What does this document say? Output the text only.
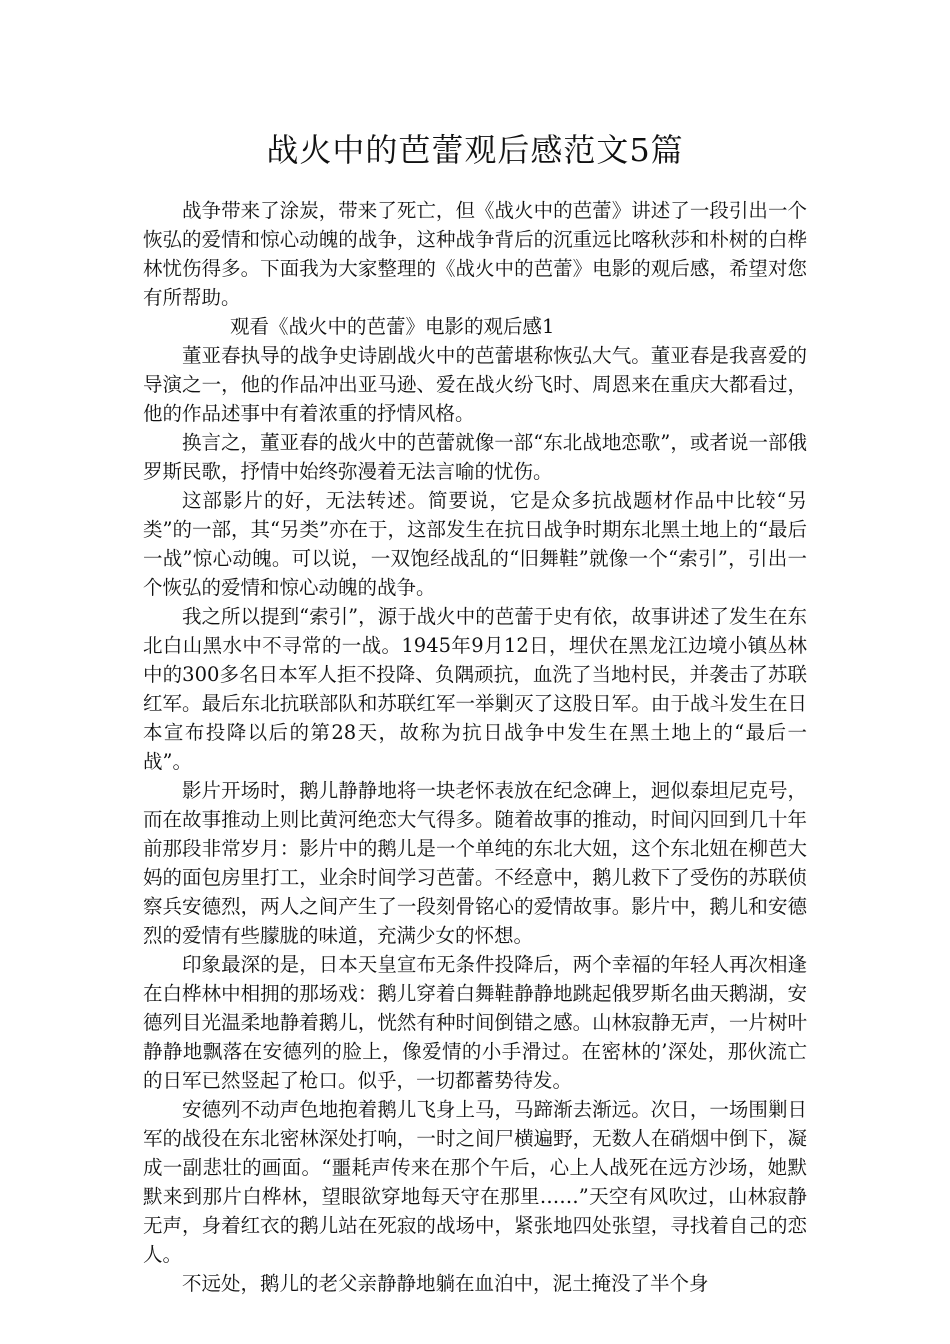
战火中的芭蕾观后感范文5篇

战争带来了涂炭，带来了死亡，但《战火中的芭蕾》讲述了一段引出一个恢弘的爱情和惊心动魄的战争，这种战争背后的沉重远比喀秋莎和朴树的白桦林忧伤得多。下面我为大家整理的《战火中的芭蕾》电影的观后感，希望对您有所帮助。

观看《战火中的芭蕾》电影的观后感1

董亚春执导的战争史诗剧战火中的芭蕾堪称恢弘大气。董亚春是我喜爱的导演之一，他的作品冲出亚马逊、爱在战火纷飞时、周恩来在重庆大都看过，他的作品述事中有着浓重的抒情风格。

换言之，董亚春的战火中的芭蕾就像一部“东北战地恋歌”，或者说一部俄罗斯民歌，抒情中始终弥漫着无法言喻的忧伤。

这部影片的好，无法转述。简要说，它是众多抗战题材作品中比较“另类”的一部，其“另类”亦在于，这部发生在抗日战争时期东北黑土地上的“最后一战”惊心动魄。可以说，一双饱经战乱的“旧舞鞋”就像一个“索引”，引出一个恢弘的爱情和惊心动魄的战争。

我之所以提到“索引”，源于战火中的芭蕾于史有依，故事讲述了发生在东北白山黑水中不寻常的一战。1945年9月12日，埋伏在黑龙江边境小镇丛林中的300多名日本军人拒不投降、负隅顽抗，血洗了当地村民，并袭击了苏联红军。最后东北抗联部队和苏联红军一举剿灭了这股日军。由于战斗发生在日本宣布投降以后的第28天，故称为抗日战争中发生在黑土地上的“最后一战”。

影片开场时，鹅儿静静地将一块老怀表放在纪念碑上，迥似泰坦尼克号，而在故事推动上则比黄河绝恋大气得多。随着故事的推动，时间闪回到几十年前那段非常岁月：影片中的鹅儿是一个单纯的东北大妞，这个东北妞在柳芭大妈的面包房里打工，业余时间学习芭蕾。不经意中，鹅儿救下了受伤的苏联侦察兵安德烈，两人之间产生了一段刻骨铭心的爱情故事。影片中，鹅儿和安德烈的爱情有些朦胧的味道，充满少女的怀想。

印象最深的是，日本天皇宣布无条件投降后，两个幸福的年轻人再次相逢在白桦林中相拥的那场戏：鹅儿穿着白舞鞋静静地跳起俄罗斯名曲天鹅湖，安德列目光温柔地静着鹅儿，恍然有种时间倒错之感。山林寂静无声，一片树叶静静地飘落在安德列的脸上，像爱情的小手滑过。在密林的’深处，那伙流亡的日军已然竖起了枪口。似乎，一切都蓄势待发。

安德列不动声色地抱着鹅儿飞身上马，马蹄渐去渐远。次日，一场围剿日军的战役在东北密林深处打响，一时之间尸横遍野，无数人在硝烟中倒下，凝成一副悲壮的画面。“噩耗声传来在那个午后，心上人战死在远方沙场，她默默来到那片白桦林，望眼欲穿地每天守在那里……”天空有风吹过，山林寂静无声，身着红衣的鹅儿站在死寂的战场中，紧张地四处张望，寻找着自己的恋人。

不远处，鹅儿的老父亲静静地躺在血泊中，泥土掩没了半个身
